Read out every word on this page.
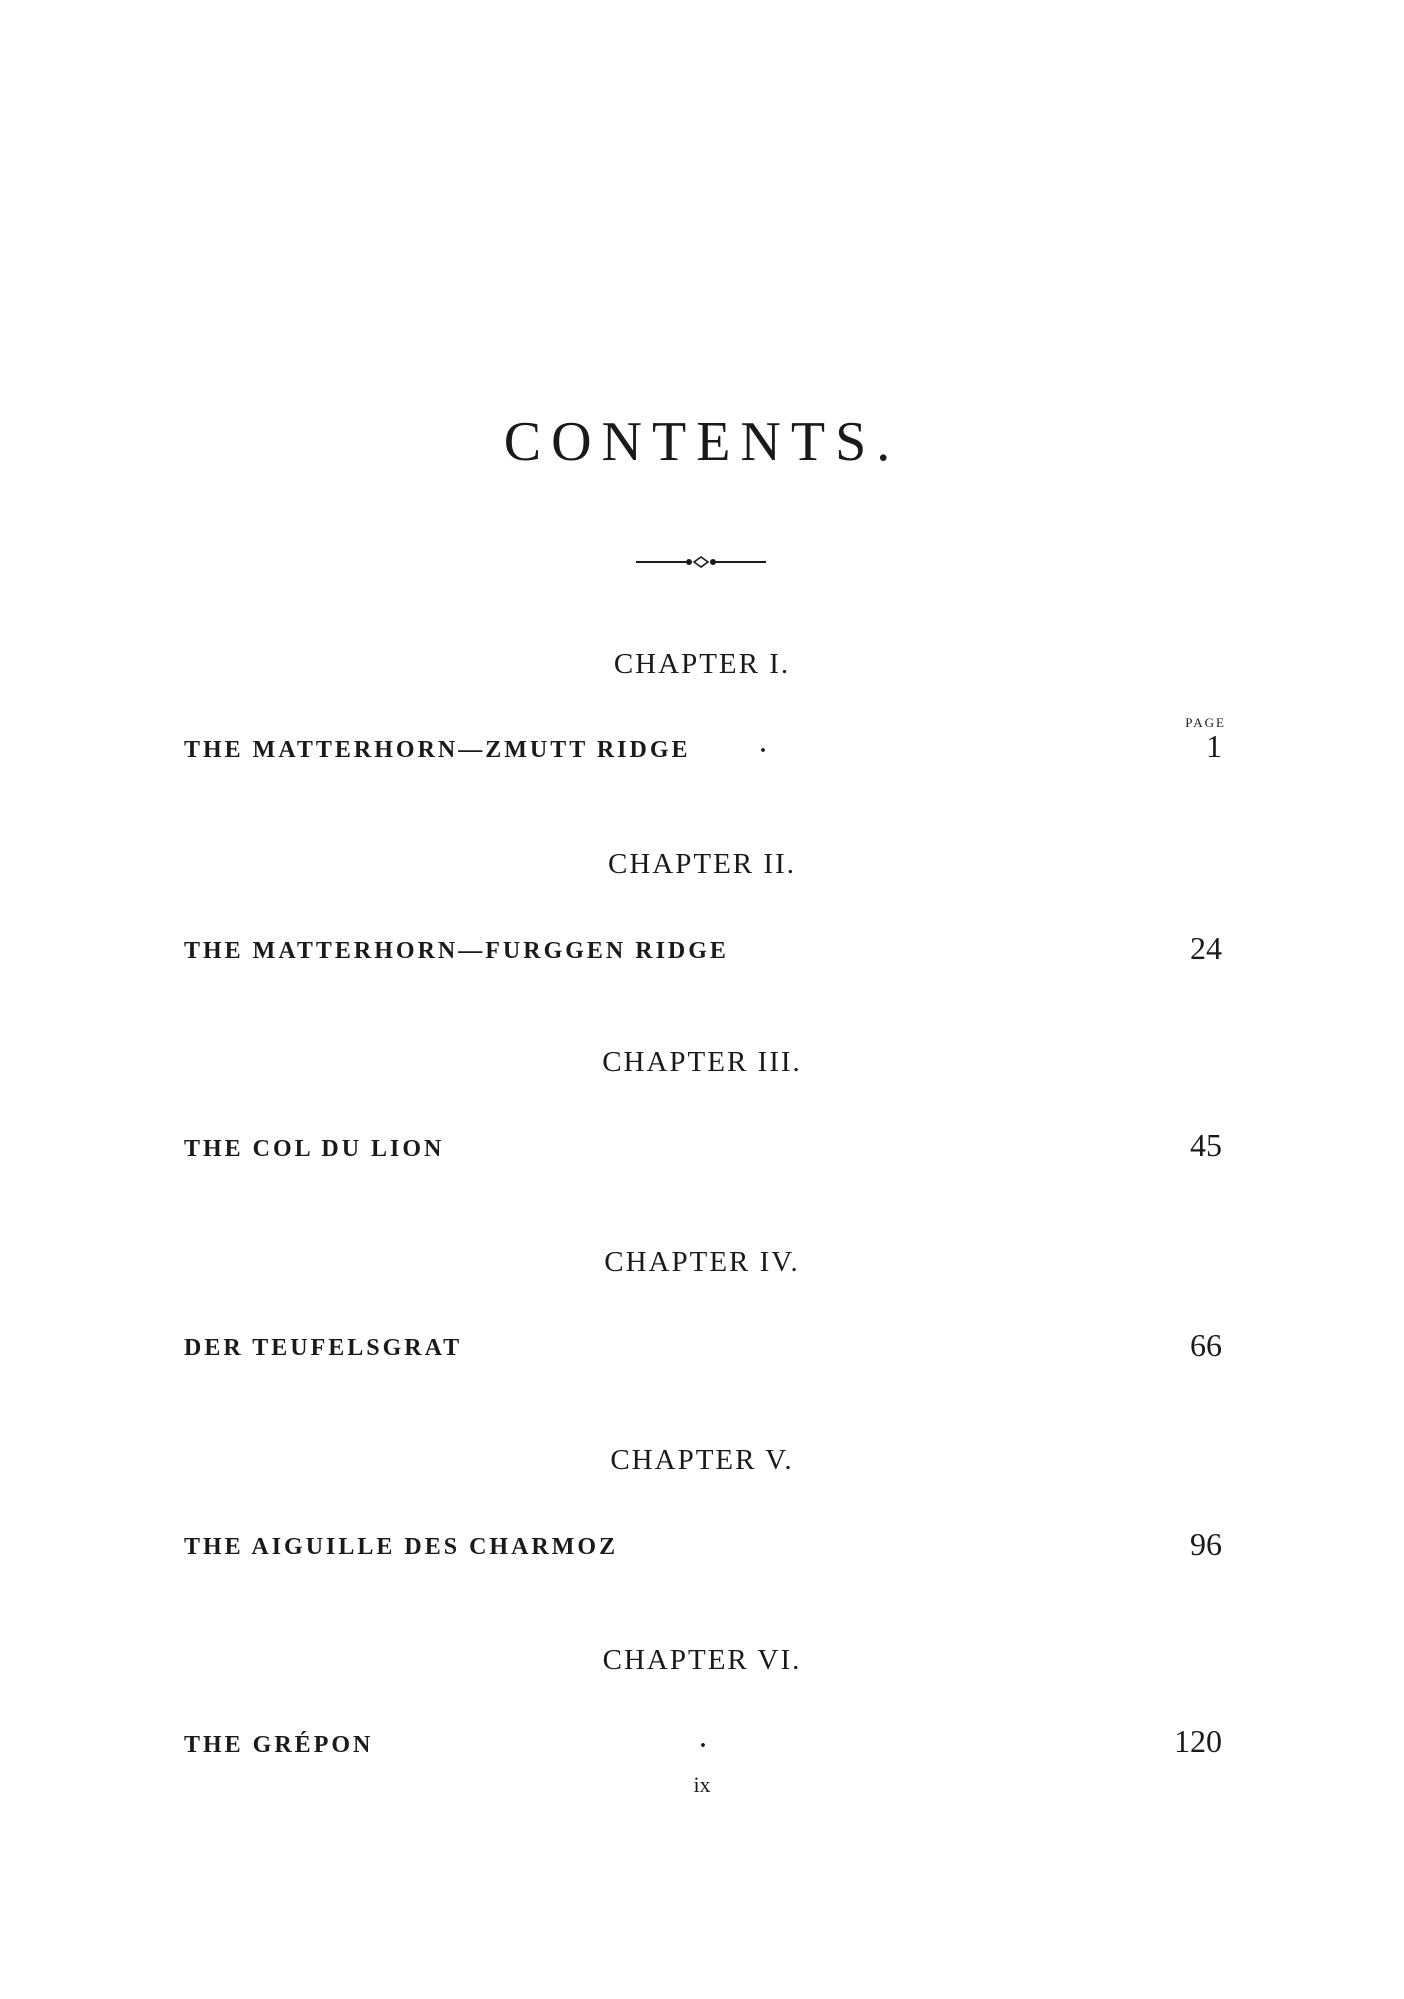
CONTENTS.
CHAPTER I.
PAGE
THE MATTERHORN—ZMUTT RIDGE	.	1
CHAPTER II.
THE MATTERHORN—FURGGEN RIDGE	24
CHAPTER III.
THE COL DU LION	45
CHAPTER IV.
DER TEUFELSGRAT	66
CHAPTER V.
THE AIGUILLE DES CHARMOZ	96
CHAPTER VI.
THE GRÉPON	.	120
ix
